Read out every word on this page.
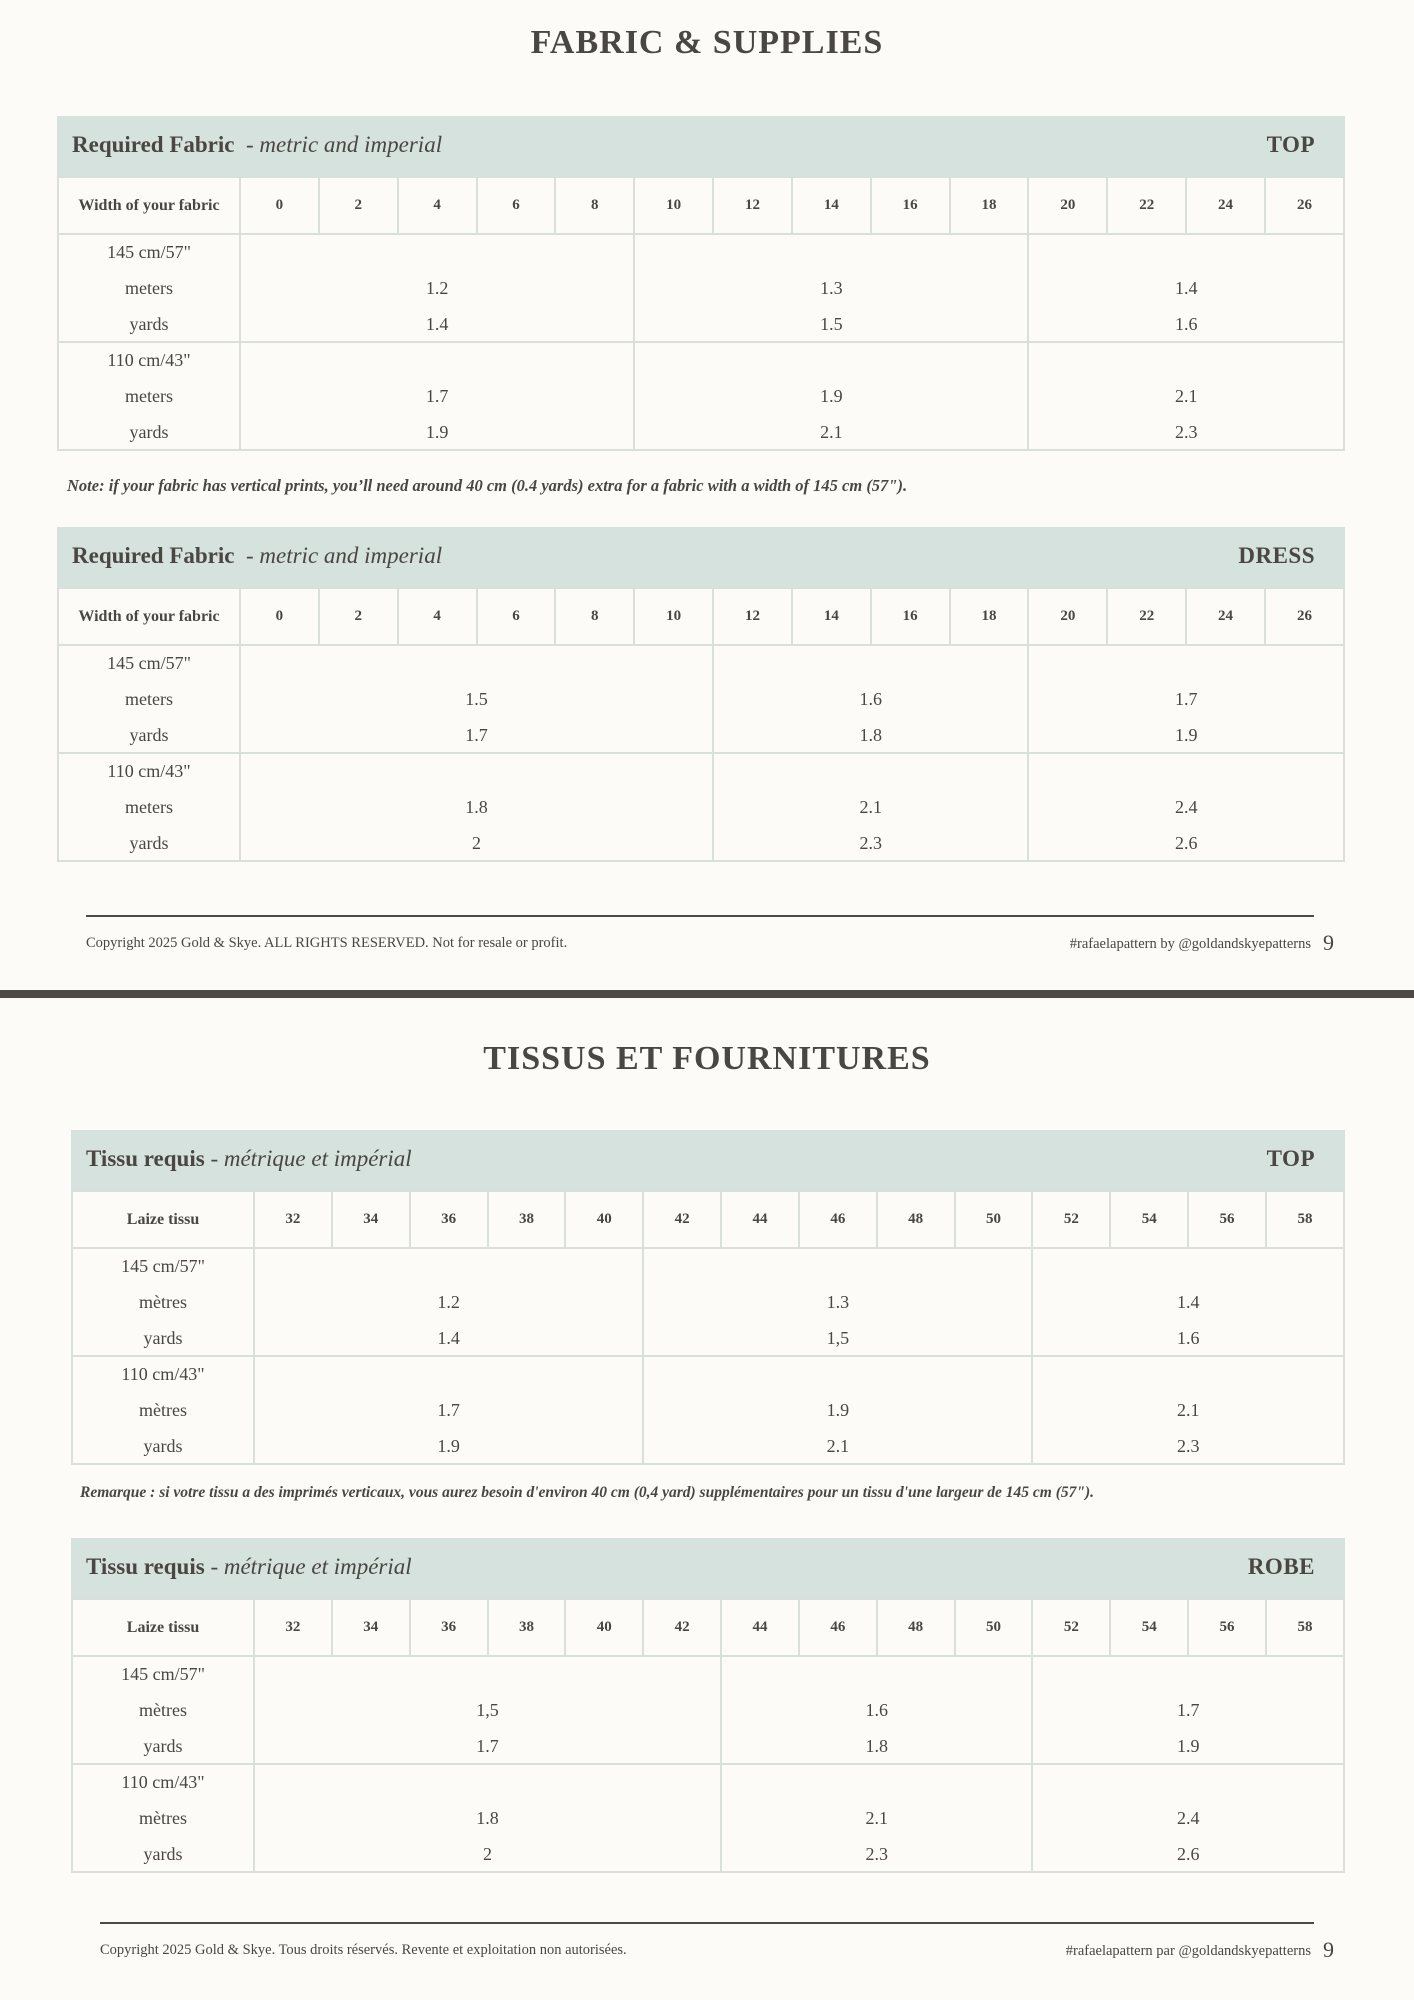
FABRIC & SUPPLIES
Required Fabric - metric and imperial	TOP
Width of your fabric	0	2	4	6	8	10	12	14	16	18	20	22	24	26
145 cm/57"														
meters	1.2					1.3					1.4			
yards	1.4					1.5					1.6			
110 cm/43"														
meters	1.7					1.9					2.1			
yards	1.9					2.1					2.3			
Note: if your fabric has vertical prints, you’ll need around 40 cm (0.4 yards) extra for a fabric with a width of 145 cm (57").
Required Fabric - metric and imperial	DRESS
Width of your fabric	0	2	4	6	8	10	12	14	16	18	20	22	24	26
145 cm/57"														
meters	1.5						1.6				1.7			
yards	1.7						1.8				1.9			
110 cm/43"														
meters	1.8						2.1				2.4			
yards	2						2.3				2.6			
Copyright 2025 Gold & Skye. ALL RIGHTS RESERVED. Not for resale or profit.	#rafaelapattern by @goldandskyepatterns 9
TISSUS ET FOURNITURES
Tissu requis - métrique et impérial	TOP
Laize tissu	32	34	36	38	40	42	44	46	48	50	52	54	56	58
145 cm/57"														
mètres	1.2					1.3					1.4			
yards	1.4					1,5					1.6			
110 cm/43"														
mètres	1.7					1.9					2.1			
yards	1.9					2.1					2.3			
Remarque : si votre tissu a des imprimés verticaux, vous aurez besoin d'environ 40 cm (0,4 yard) supplémentaires pour un tissu d'une largeur de 145 cm (57").
Tissu requis - métrique et impérial	ROBE
Laize tissu	32	34	36	38	40	42	44	46	48	50	52	54	56	58
145 cm/57"														
mètres	1,5						1.6				1.7			
yards	1.7						1.8				1.9			
110 cm/43"														
mètres	1.8						2.1				2.4			
yards	2						2.3				2.6			
Copyright 2025 Gold & Skye. Tous droits réservés. Revente et exploitation non autorisées.	#rafaelapattern par @goldandskyepatterns 9
